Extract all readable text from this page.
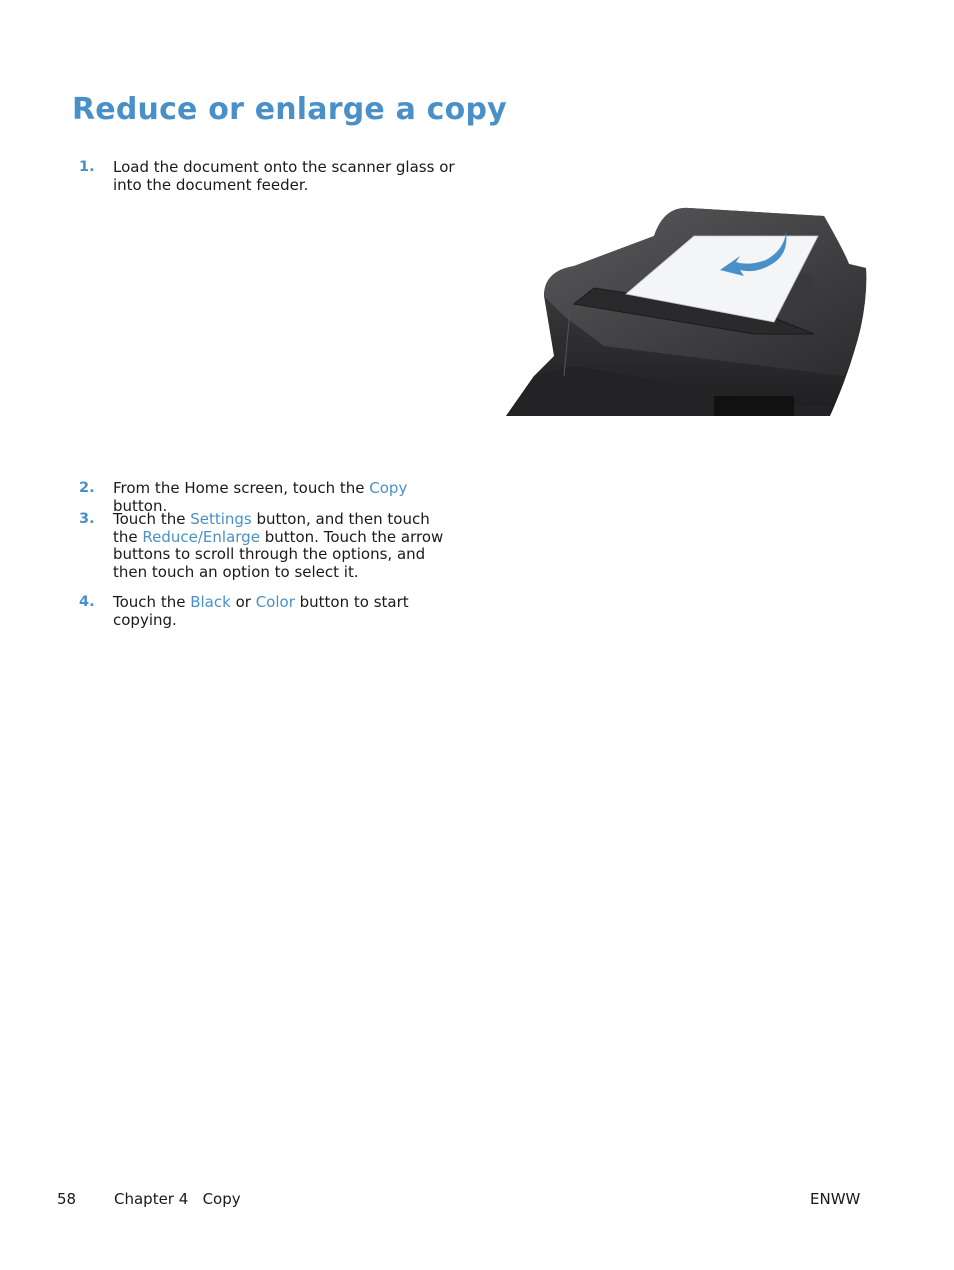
Reduce or enlarge a copy
1. Load the document onto the scanner glass or into the document feeder.
2. From the Home screen, touch the Copy button.
3. Touch the Settings button, and then touch the Reduce/Enlarge button. Touch the arrow buttons to scroll through the options, and then touch an option to select it.
4. Touch the Black or Color button to start copying.
58	Chapter 4   Copy	ENWW
